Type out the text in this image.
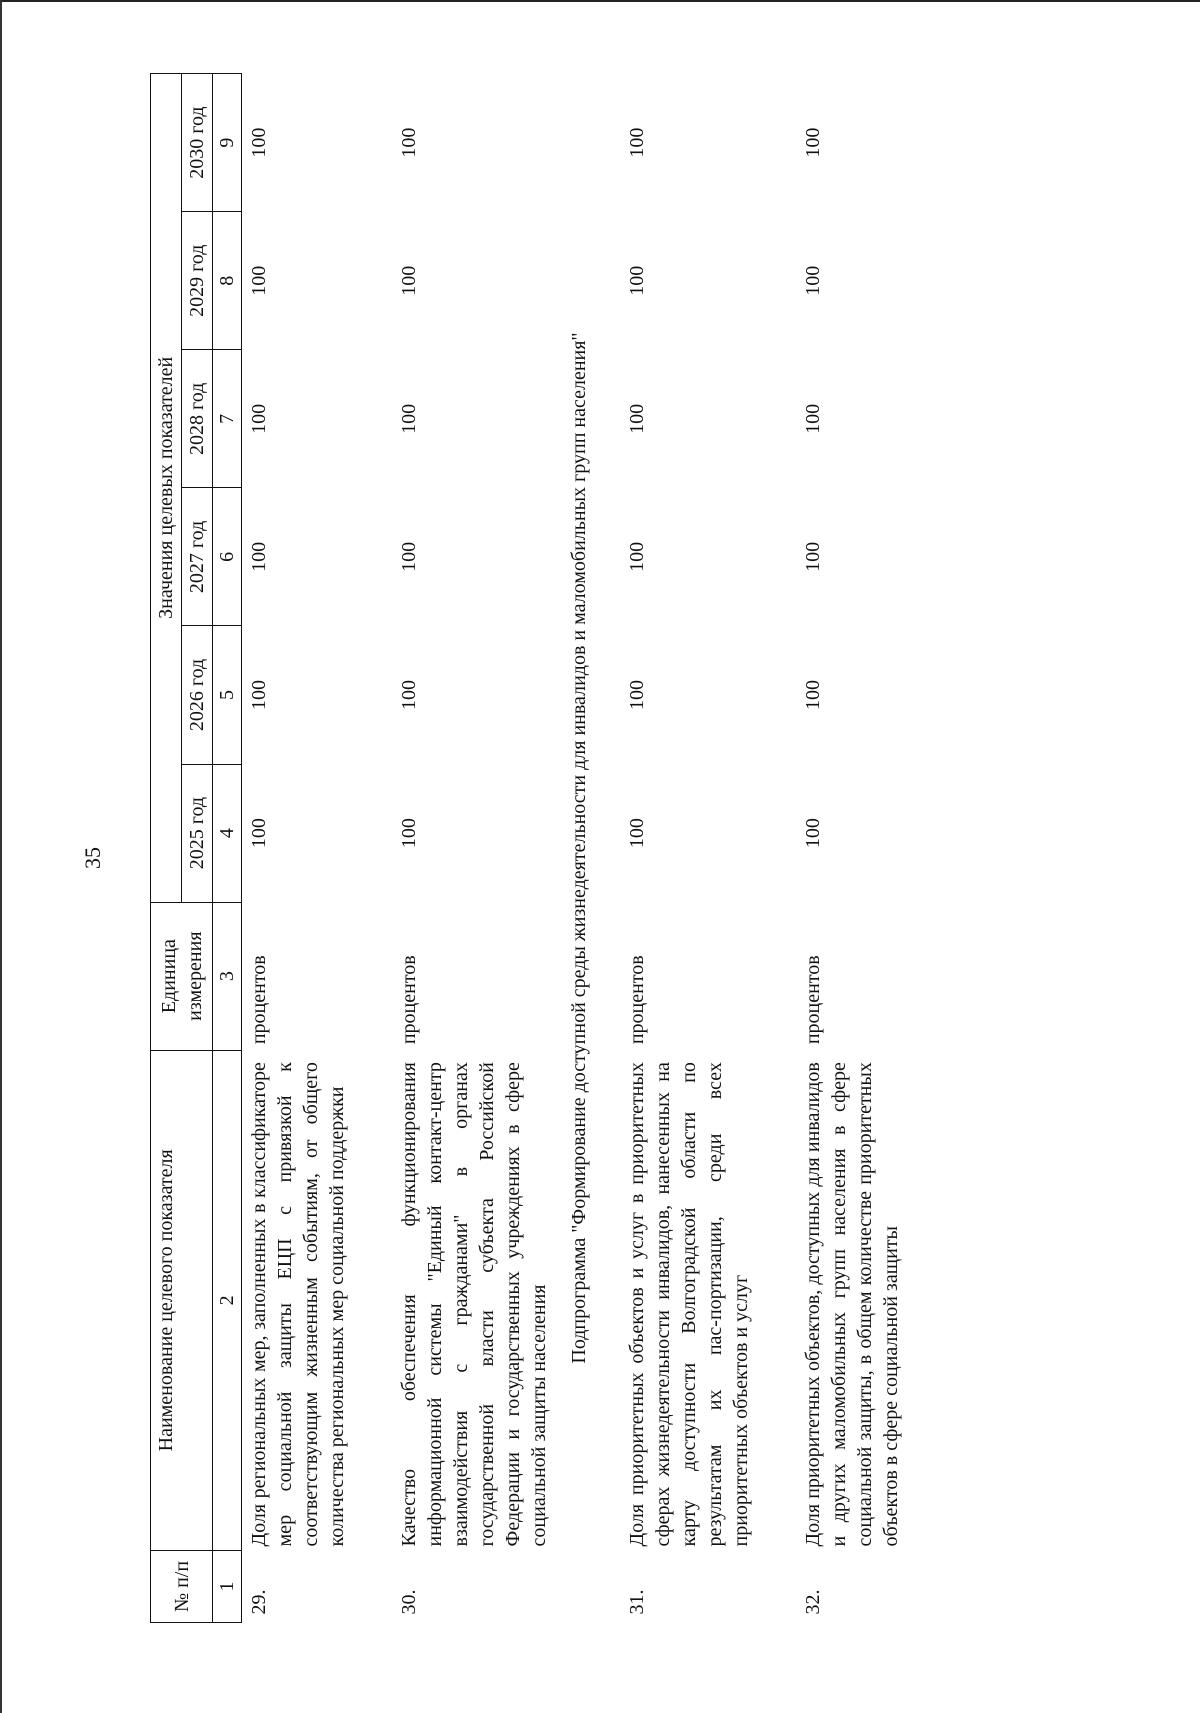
35
№ п/п	Наименование целевого показателя	Единица измерения	Значения целевых показателей					
			2025 год	2026 год	2027 год	2028 год	2029 год	2030 год
1	2	3	4	5	6	7	8	9
29.	Доля региональных мер, заполненных в классификаторе мер социальной защиты ЕЦП с привязкой к соответствующим жизненным событиям, от общего количества региональных мер социальной поддержки	процентов	100	100	100	100	100	100

30.	Качество обеспечения функционирования информационной системы "Единый контакт-центр взаимодействия с гражданами" в органах государственной власти субъекта Российской Федерации и государственных учреждениях в сфере социальной защиты населения	процентов	100	100	100	100	100	100
Подпрограмма "Формирование доступной среды жизнедеятельности для инвалидов и маломобильных групп населения"								
31.	Доля приоритетных объектов и услуг в приоритетных сферах жизнедеятельности инвалидов, нанесенных на карту доступности Волгоградской области по результатам их пас-портизации, среди всех приоритетных объектов и услуг	процентов	100	100	100	100	100	100

32.	Доля приоритетных объектов, доступных для инвалидов и других маломобильных групп населения в сфере социальной защиты, в общем количестве приоритетных объектов в сфере социальной защиты	процентов	100	100	100	100	100	100
